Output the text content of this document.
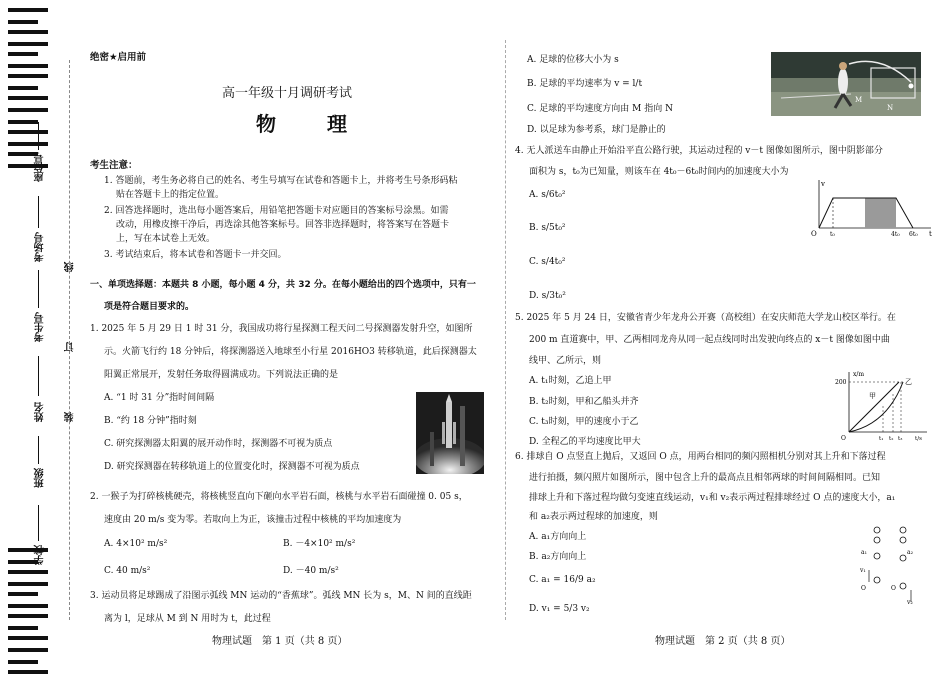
座位号
考场号
考生号
姓名
班级
学校
线
订
装
绝密★启用前
高一年级十月调研考试
物 理
考生注意：
1. 答题前，考生务必将自己的姓名、考生号填写在试卷和答题卡上，并将考生号条形码粘
贴在答题卡上的指定位置。
2. 回答选择题时，选出每小题答案后，用铅笔把答题卡对应题目的答案标号涂黑。如需
改动，用橡皮擦干净后，再选涂其他答案标号。回答非选择题时，将答案写在答题卡
上，写在本试卷上无效。
3. 考试结束后，将本试卷和答题卡一并交回。
一、单项选择题：本题共 8 小题，每小题 4 分，共 32 分。在每小题给出的四个选项中，只有一
项是符合题目要求的。
1. 2025 年 5 月 29 日 1 时 31 分，我国成功将行星探测工程天问二号探测器发射升空，如图所
示。火箭飞行约 18 分钟后，将探测器送入地球至小行星 2016HO3 转移轨道，此后探测器太
阳翼正常展开，发射任务取得圆满成功。下列说法正确的是
A. “1 时 31 分”指时间间隔
B. “约 18 分钟”指时刻
C. 研究探测器太阳翼的展开动作时，探测器不可视为质点
D. 研究探测器在转移轨道上的位置变化时，探测器不可视为质点
2. 一猴子为打碎核桃硬壳，将核桃竖直向下砸向水平岩石面，核桃与水平岩石面碰撞 0. 05 s，
速度由 20 m/s 变为零。若取向上为正，该撞击过程中核桃的平均加速度为
A. 4×10² m/s²	B. －4×10² m/s²
C. 40 m/s²	D. －40 m/s²
3. 运动员将足球踢成了沿图示弧线 MN 运动的“香蕉球”。弧线 MN 长为 s，M、N 间的直线距
离为 l，足球从 M 到 N 用时为 t，此过程
物理试题　第 1 页（共 8 页）
A. 足球的位移大小为 s
B. 足球的平均速率为 v = l/t
C. 足球的平均速度方向由 M 指向 N
D. 以足球为参考系，球门是静止的
N
M
4. 无人派送车由静止开始沿平直公路行驶，其运动过程的 v－t 图像如图所示，图中阴影部分
面积为 s，t₀为已知量，则该车在 4t₀－6t₀时间内的加速度大小为
A. s/6t₀²
B. s/5t₀²
C. s/4t₀²
D. s/3t₀²
v
t
O t₀	4t₀ 6t₀
5. 2025 年 5 月 24 日，安徽省青少年龙舟公开赛（高校组）在安庆师范大学龙山校区举行。在
200 m 直道赛中，甲、乙两相同龙舟从同一起点线同时出发驶向终点的 x－t 图像如图中曲
线甲、乙所示，则
A. t₁时刻，乙追上甲
B. t₂时刻，甲和乙船头并齐
C. t₃时刻，甲的速度小于乙
D. 全程乙的平均速度比甲大
x/m
200
甲
乙
O	t₁ t₂ t₃ t/s
6. 排球自 O 点竖直上抛后，又返回 O 点，用两台相同的频闪照相机分别对其上升和下落过程
进行拍摄，频闪照片如图所示，图中包含上升的最高点且相邻两球的时间间隔相同。已知
排球上升和下落过程均做匀变速直线运动，v₁和 v₂表示两过程排球经过 O 点的速度大小，a₁
和 a₂表示两过程球的加速度，则
A. a₁方向向上
B. a₂方向向上
C. a₁ = 16/9 a₂
D. v₁ = 5/3 v₂
a₁	a₂
v₁
v₂
O	O
物理试题　第 2 页（共 8 页）
